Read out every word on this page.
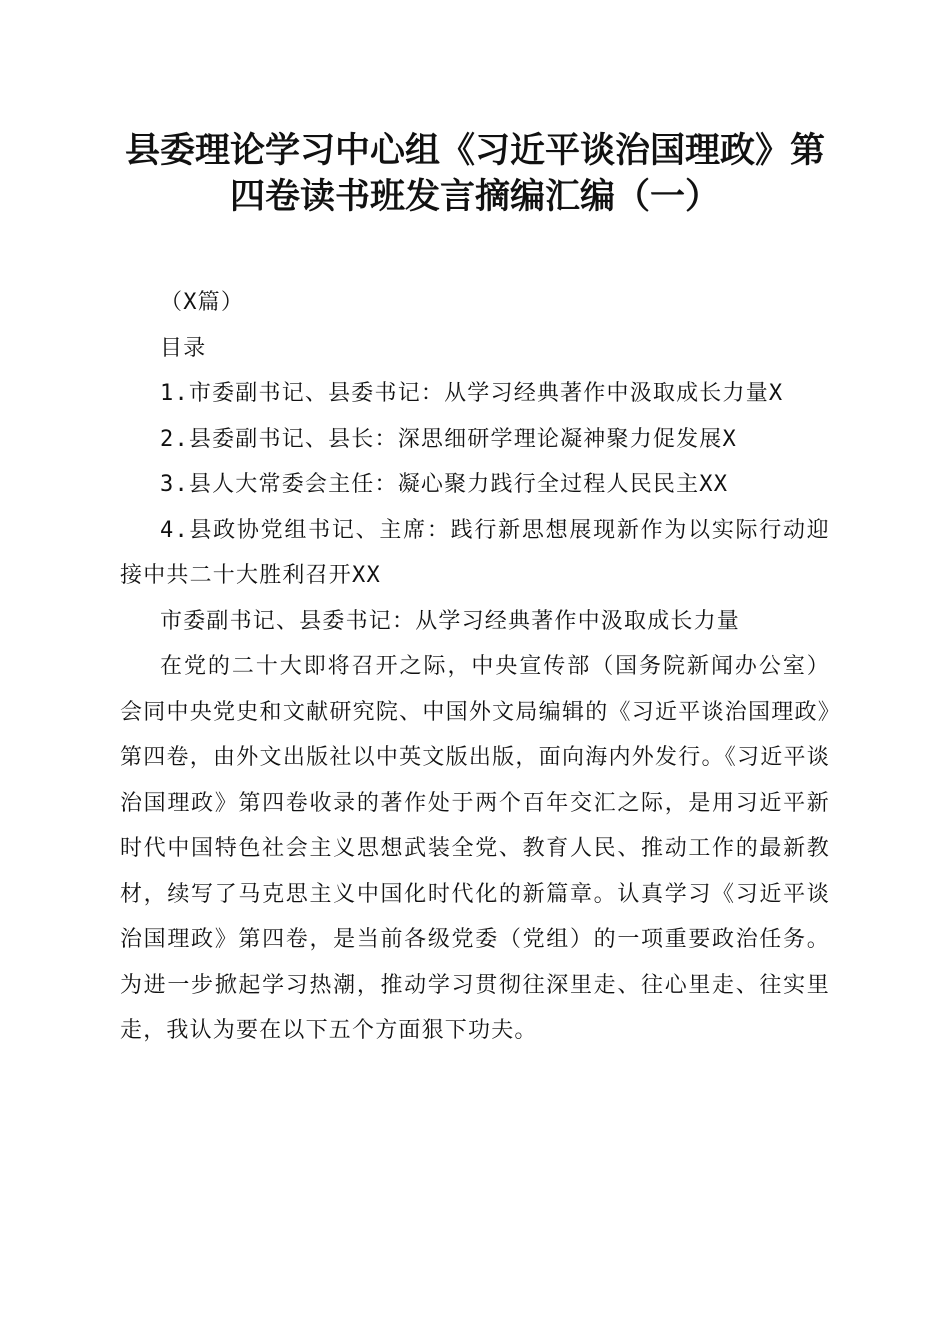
县委理论学习中心组《习近平谈治国理政》第
四卷读书班发言摘编汇编（一）

（X篇）

目录

1.市委副书记、县委书记：从学习经典著作中汲取成长力量X

2.县委副书记、县长：深思细研学理论凝神聚力促发展X

3.县人大常委会主任：凝心聚力践行全过程人民民主XX

4.县政协党组书记、主席：践行新思想展现新作为以实际行动迎接中共二十大胜利召开XX

市委副书记、县委书记：从学习经典著作中汲取成长力量

在党的二十大即将召开之际，中央宣传部（国务院新闻办公室）会同中央党史和文献研究院、中国外文局编辑的《习近平谈治国理政》第四卷，由外文出版社以中英文版出版，面向海内外发行。《习近平谈治国理政》第四卷收录的著作处于两个百年交汇之际，是用习近平新时代中国特色社会主义思想武装全党、教育人民、推动工作的最新教材，续写了马克思主义中国化时代化的新篇章。认真学习《习近平谈治国理政》第四卷，是当前各级党委（党组）的一项重要政治任务。为进一步掀起学习热潮，推动学习贯彻往深里走、往心里走、往实里走，我认为要在以下五个方面狠下功夫。
